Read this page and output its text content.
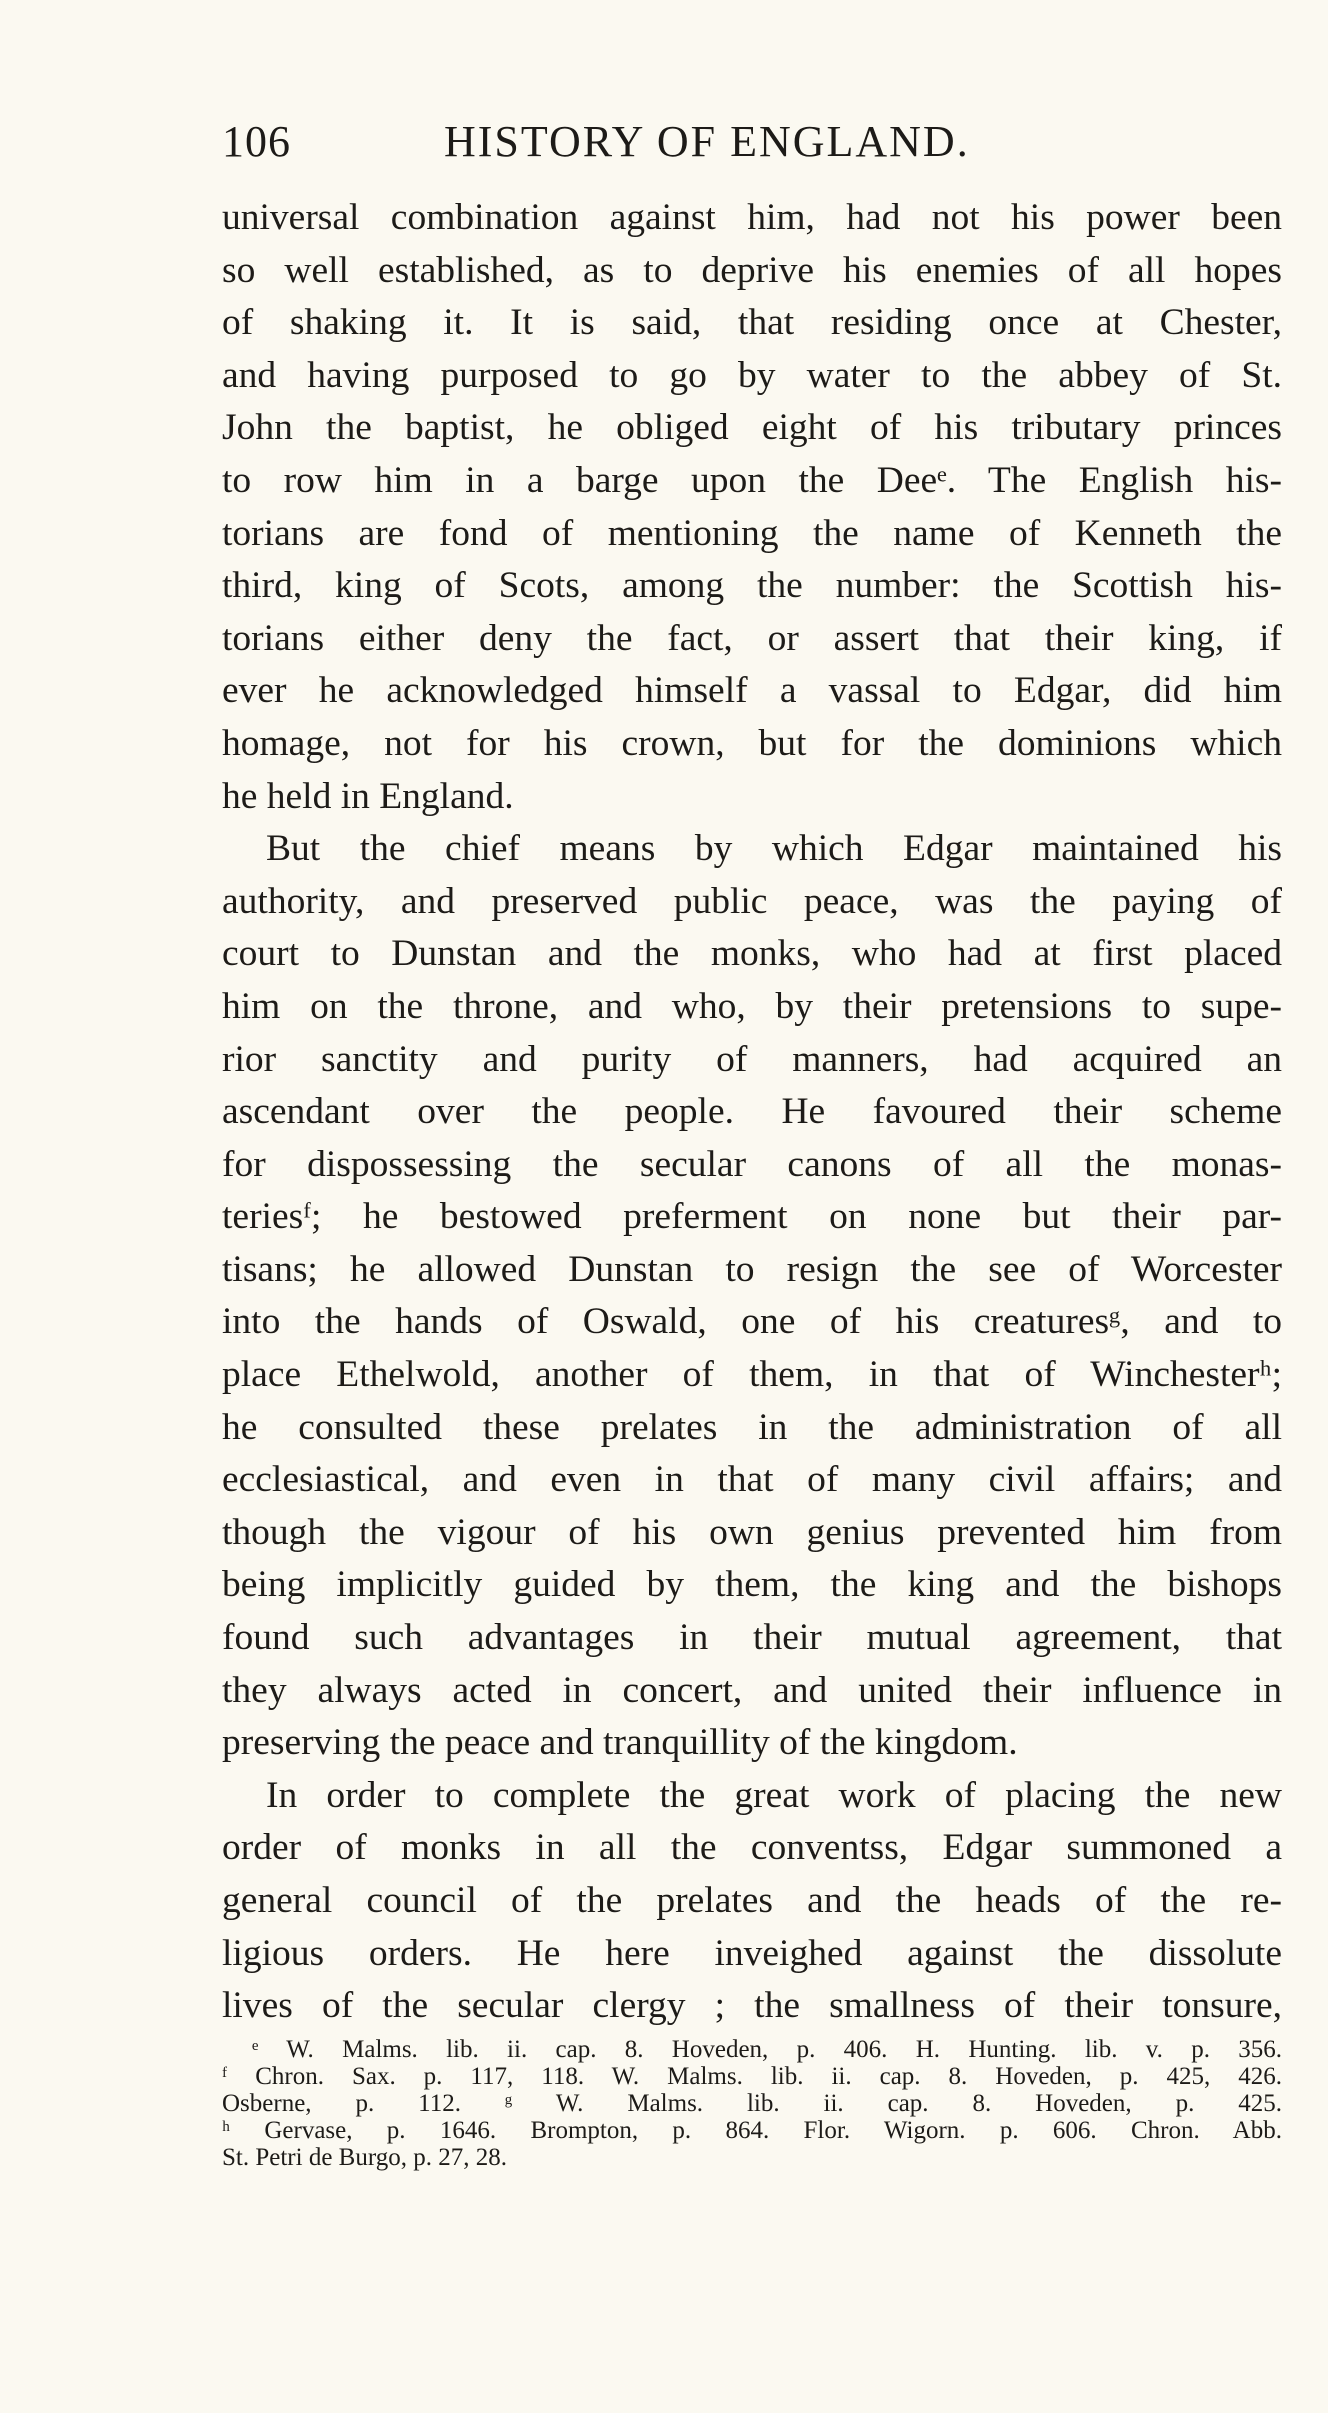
106	HISTORY OF ENGLAND.
universal combination against him, had not his power been
so well established, as to deprive his enemies of all hopes
of shaking it. It is said, that residing once at Chester,
and having purposed to go by water to the abbey of St.
John the baptist, he obliged eight of his tributary princes
to row him in a barge upon the Deeᵉ. The English his-
torians are fond of mentioning the name of Kenneth the
third, king of Scots, among the number: the Scottish his-
torians either deny the fact, or assert that their king, if
ever he acknowledged himself a vassal to Edgar, did him
homage, not for his crown, but for the dominions which
he held in England.
But the chief means by which Edgar maintained his
authority, and preserved public peace, was the paying of
court to Dunstan and the monks, who had at first placed
him on the throne, and who, by their pretensions to supe-
rior sanctity and purity of manners, had acquired an
ascendant over the people. He favoured their scheme
for dispossessing the secular canons of all the monas-
teriesᶠ; he bestowed preferment on none but their par-
tisans; he allowed Dunstan to resign the see of Worcester
into the hands of Oswald, one of his creaturesᵍ, and to
place Ethelwold, another of them, in that of Winchesterʰ;
he consulted these prelates in the administration of all
ecclesiastical, and even in that of many civil affairs; and
though the vigour of his own genius prevented him from
being implicitly guided by them, the king and the bishops
found such advantages in their mutual agreement, that
they always acted in concert, and united their influence in
preserving the peace and tranquillity of the kingdom.
In order to complete the great work of placing the new
order of monks in all the conventss, Edgar summoned a
general council of the prelates and the heads of the re-
ligious orders. He here inveighed against the dissolute
lives of the secular clergy ; the smallness of their tonsure,
ᵉ W. Malms. lib. ii. cap. 8. Hoveden, p. 406. H. Hunting. lib. v. p. 356.
ᶠ Chron. Sax. p. 117, 118. W. Malms. lib. ii. cap. 8. Hoveden, p. 425, 426.
Osberne, p. 112. ᵍ W. Malms. lib. ii. cap. 8. Hoveden, p. 425.
ʰ Gervase, p. 1646. Brompton, p. 864. Flor. Wigorn. p. 606. Chron. Abb.
St. Petri de Burgo, p. 27, 28.
